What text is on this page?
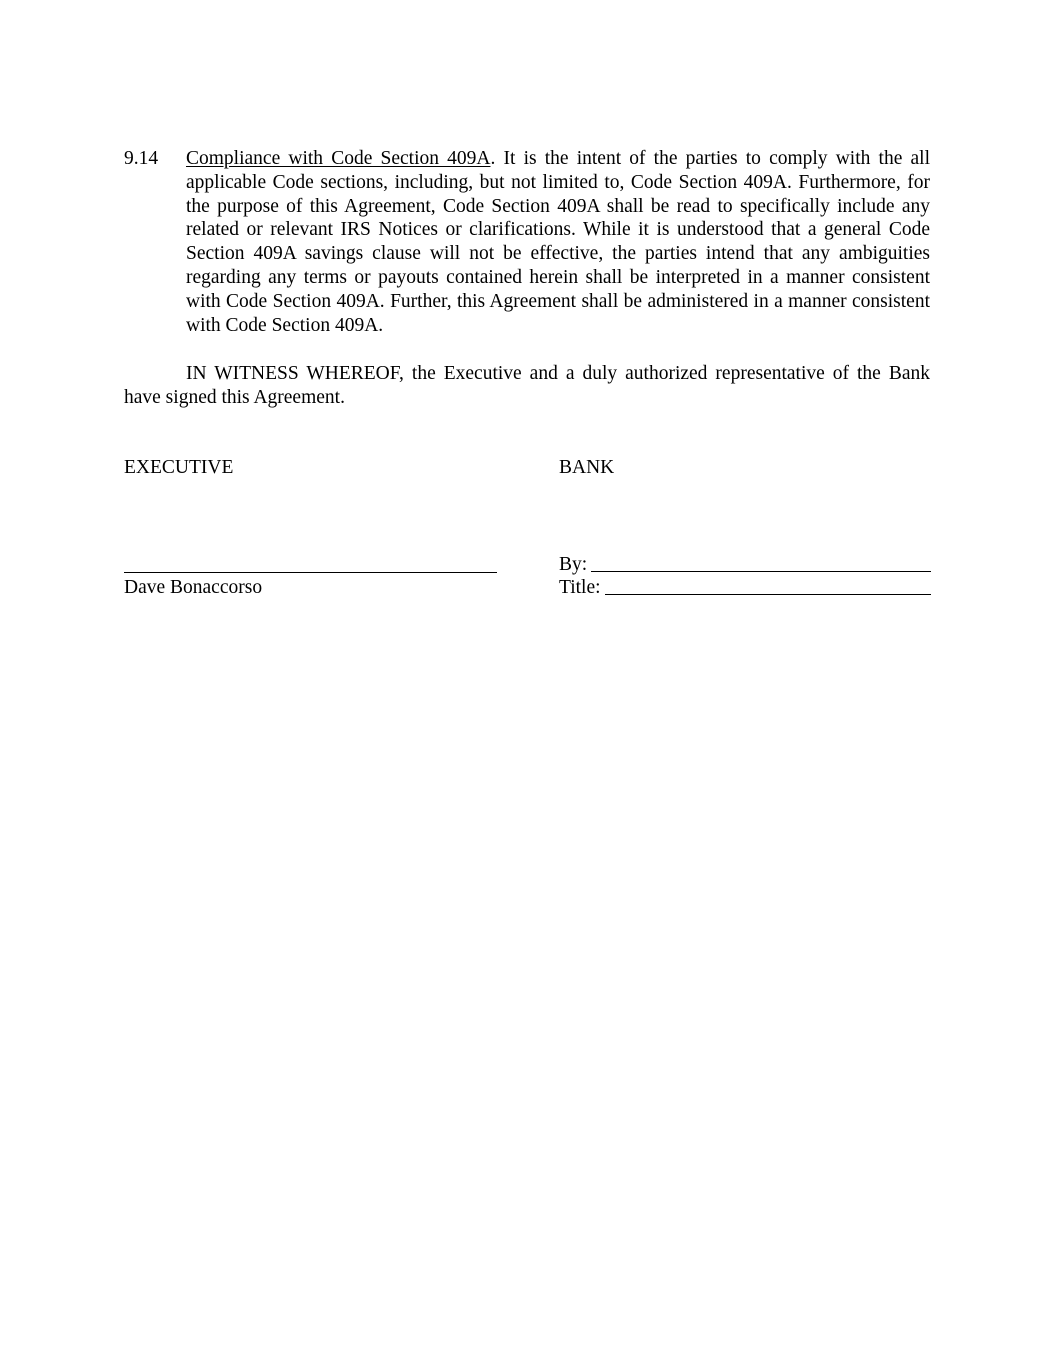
9.14 Compliance with Code Section 409A. It is the intent of the parties to comply with the all applicable Code sections, including, but not limited to, Code Section 409A. Furthermore, for the purpose of this Agreement, Code Section 409A shall be read to specifically include any related or relevant IRS Notices or clarifications. While it is understood that a general Code Section 409A savings clause will not be effective, the parties intend that any ambiguities regarding any terms or payouts contained herein shall be interpreted in a manner consistent with Code Section 409A. Further, this Agreement shall be administered in a manner consistent with Code Section 409A.
IN WITNESS WHEREOF, the Executive and a duly authorized representative of the Bank have signed this Agreement.
EXECUTIVE	BANK
Dave Bonaccorso
By:
Title:
